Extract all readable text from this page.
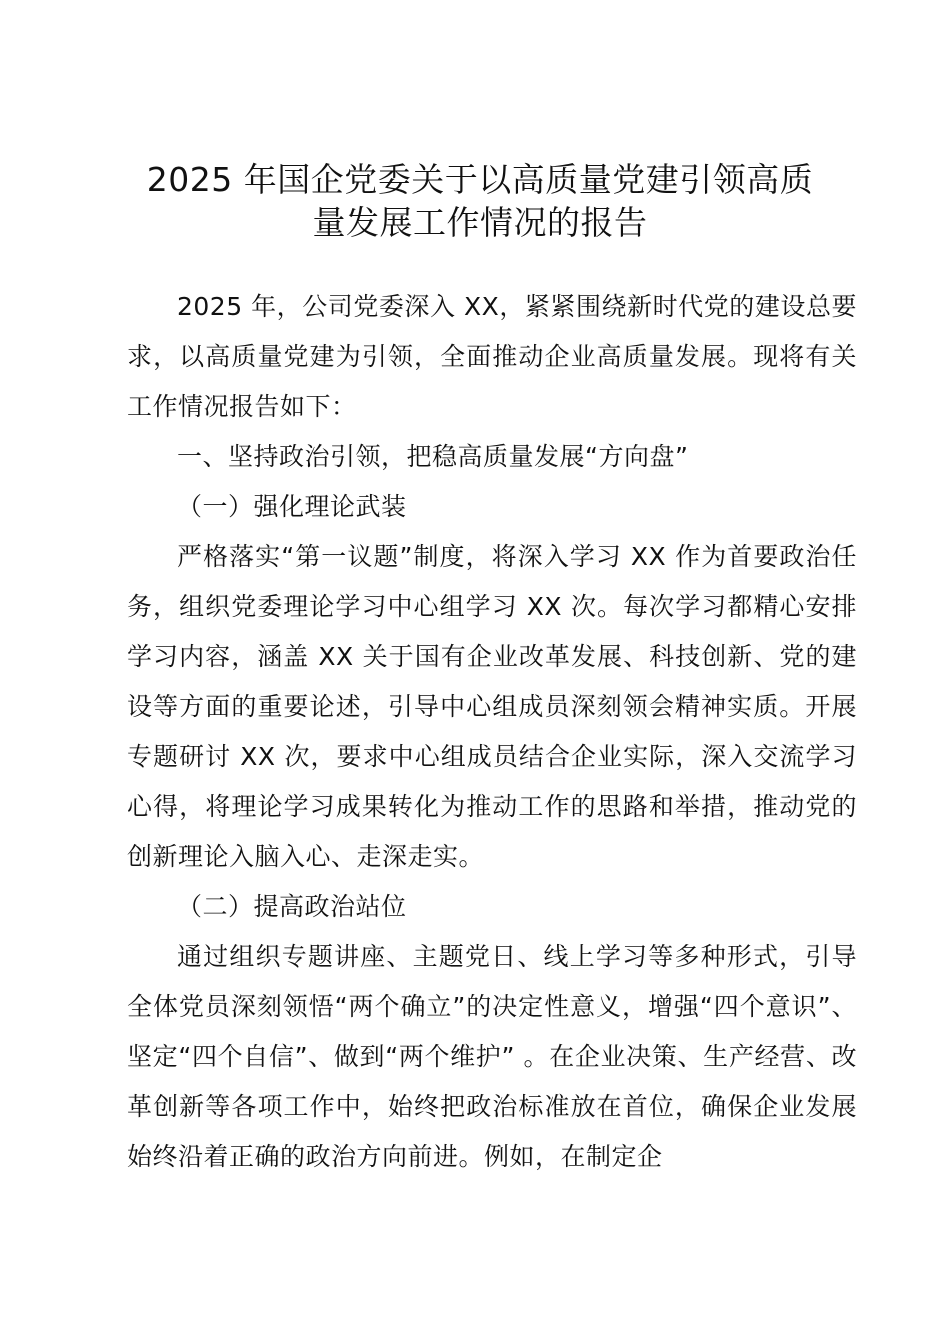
2025 年国企党委关于以高质量党建引领高质
量发展工作情况的报告

2025 年，公司党委深入 XX，紧紧围绕新时代党的建设总要求，以高质量党建为引领，全面推动企业高质量发展。现将有关工作情况报告如下：

一、坚持政治引领，把稳高质量发展“方向盘”

（一）强化理论武装

严格落实“第一议题”制度，将深入学习 XX 作为首要政治任务，组织党委理论学习中心组学习 XX 次。每次学习都精心安排学习内容，涵盖 XX 关于国有企业改革发展、科技创新、党的建设等方面的重要论述，引导中心组成员深刻领会精神实质。开展专题研讨 XX 次，要求中心组成员结合企业实际，深入交流学习心得，将理论学习成果转化为推动工作的思路和举措，推动党的创新理论入脑入心、走深走实。

（二）提高政治站位

通过组织专题讲座、主题党日、线上学习等多种形式，引导全体党员深刻领悟“两个确立”的决定性意义，增强“四个意识”、坚定“四个自信”、做到“两个维护” 。在企业决策、生产经营、改革创新等各项工作中，始终把政治标准放在首位，确保企业发展始终沿着正确的政治方向前进。例如，在制定企
